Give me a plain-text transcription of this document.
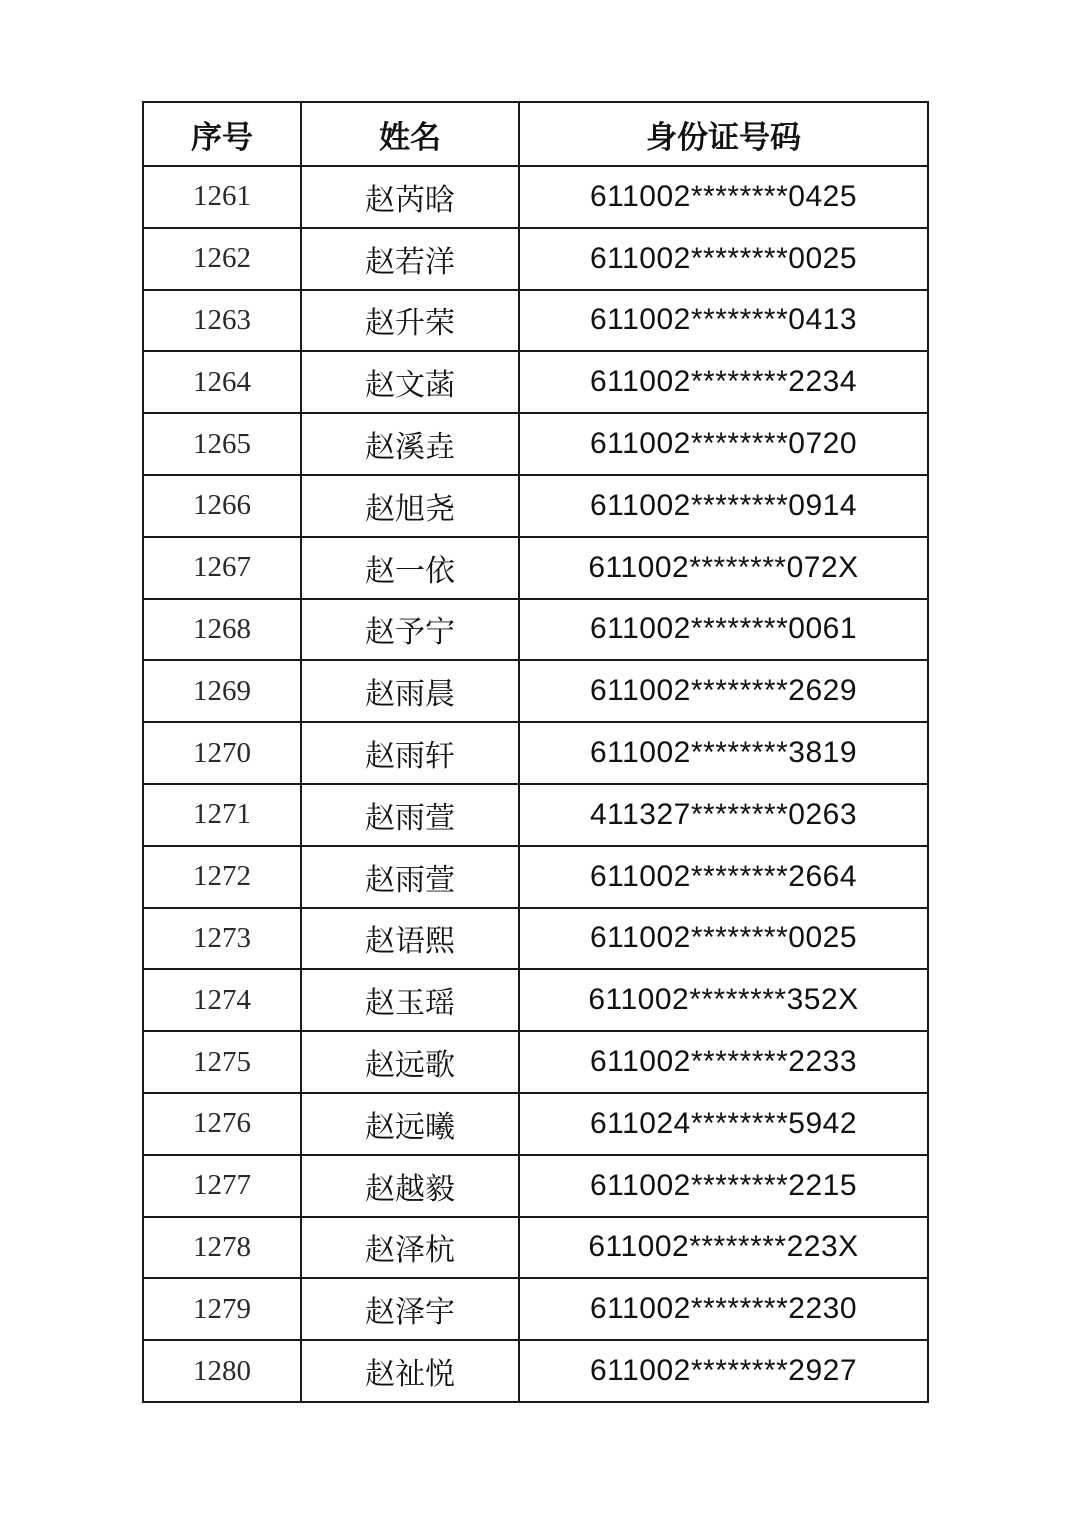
序号	姓名	身份证号码
1261	赵芮晗	611002********0425
1262	赵若洋	611002********0025
1263	赵升荣	611002********0413
1264	赵文菡	611002********2234
1265	赵溪垚	611002********0720
1266	赵旭尧	611002********0914
1267	赵一依	611002********072X
1268	赵予宁	611002********0061
1269	赵雨晨	611002********2629
1270	赵雨轩	611002********3819
1271	赵雨萱	411327********0263
1272	赵雨萱	611002********2664
1273	赵语熙	611002********0025
1274	赵玉瑶	611002********352X
1275	赵远歌	611002********2233
1276	赵远曦	611024********5942
1277	赵越毅	611002********2215
1278	赵泽杭	611002********223X
1279	赵泽宇	611002********2230
1280	赵祉悦	611002********2927
